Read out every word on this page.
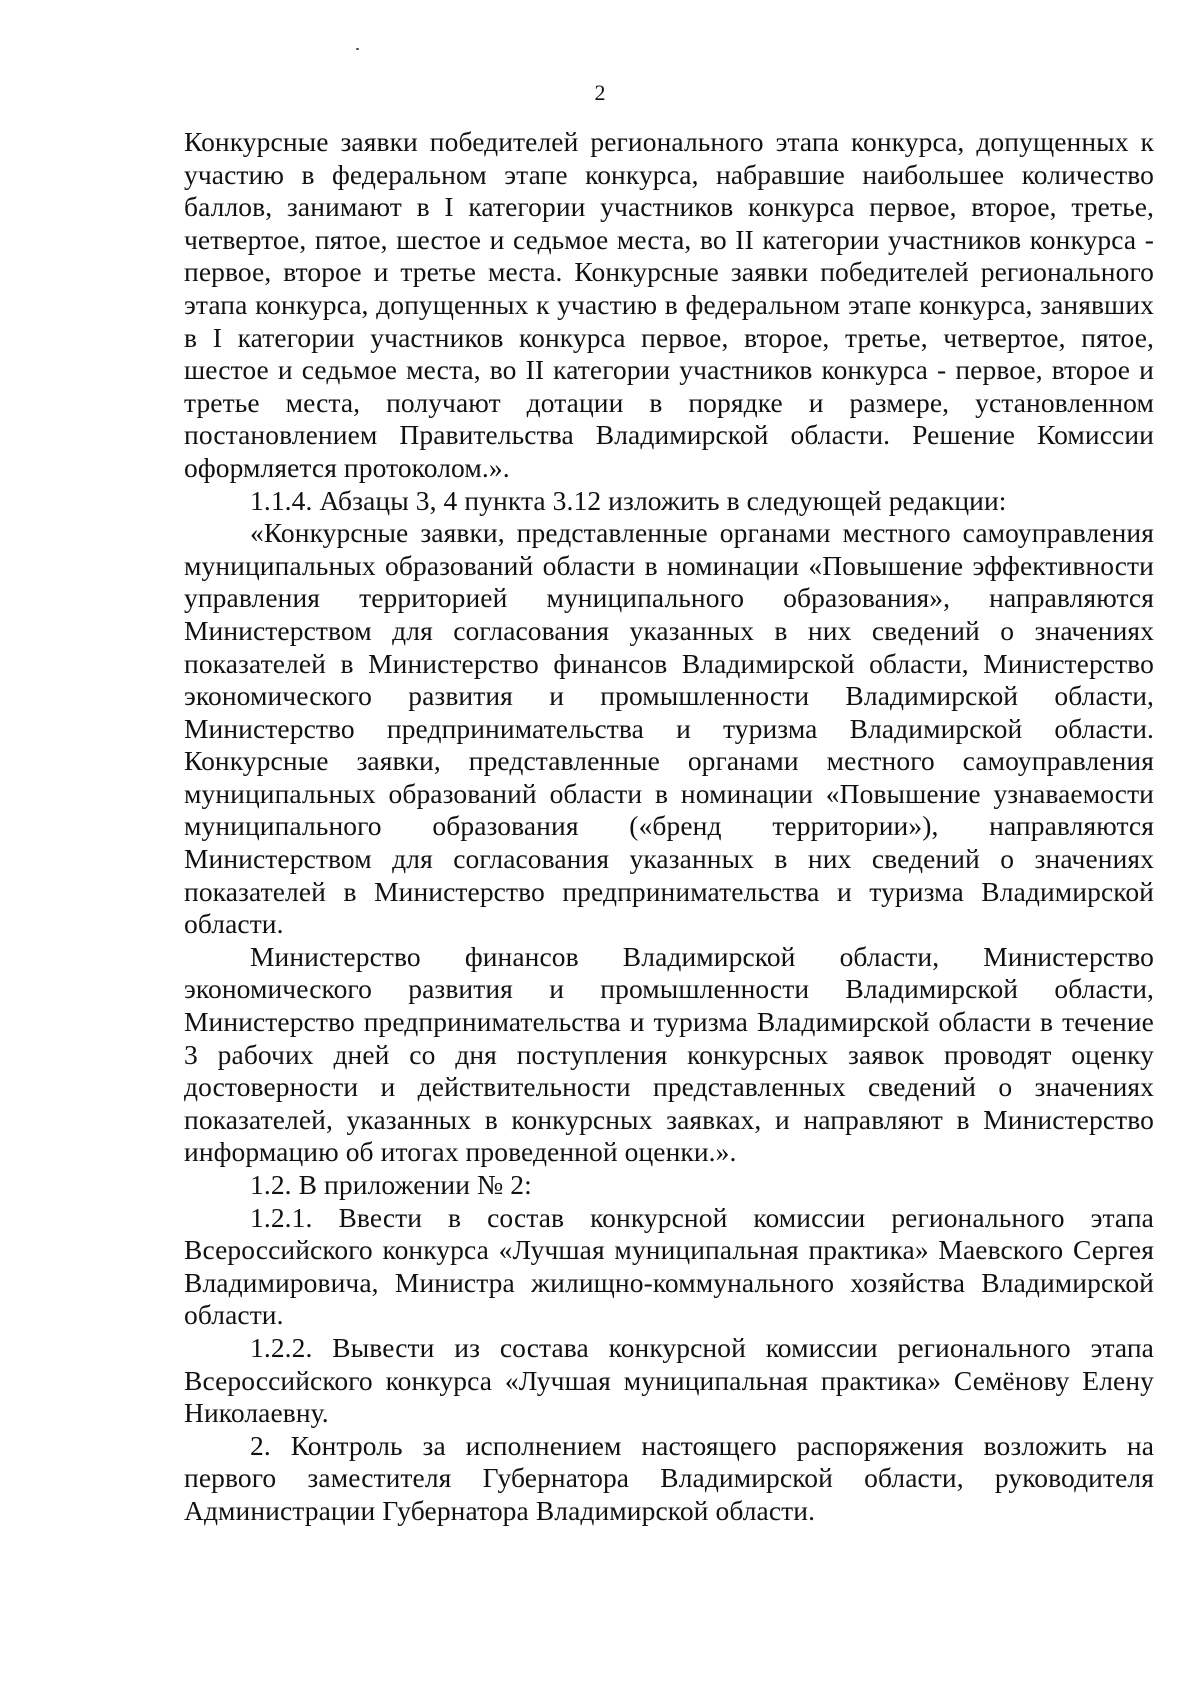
2

Конкурсные заявки победителей регионального этапа конкурса, допущенных к участию в федеральном этапе конкурса, набравшие наибольшее количество баллов, занимают в I категории участников конкурса первое, второе, третье, четвертое, пятое, шестое и седьмое места, во II категории участников конкурса - первое, второе и третье места. Конкурсные заявки победителей регионального этапа конкурса, допущенных к участию в федеральном этапе конкурса, занявших в I категории участников конкурса первое, второе, третье, четвертое, пятое, шестое и седьмое места, во II категории участников конкурса - первое, второе и третье места, получают дотации в порядке и размере, установленном постановлением Правительства Владимирской области. Решение Комиссии оформляется протоколом.».

1.1.4. Абзацы 3, 4 пункта 3.12 изложить в следующей редакции:

«Конкурсные заявки, представленные органами местного самоуправления муниципальных образований области в номинации «Повышение эффективности управления территорией муниципального образования», направляются Министерством для согласования указанных в них сведений о значениях показателей в Министерство финансов Владимирской области, Министерство экономического развития и промышленности Владимирской области, Министерство предпринимательства и туризма Владимирской области. Конкурсные заявки, представленные органами местного самоуправления муниципальных образований области в номинации «Повышение узнаваемости муниципального образования («бренд территории»), направляются Министерством для согласования указанных в них сведений о значениях показателей в Министерство предпринимательства и туризма Владимирской области.

Министерство финансов Владимирской области, Министерство экономического развития и промышленности Владимирской области, Министерство предпринимательства и туризма Владимирской области в течение 3 рабочих дней со дня поступления конкурсных заявок проводят оценку достоверности и действительности представленных сведений о значениях показателей, указанных в конкурсных заявках, и направляют в Министерство информацию об итогах проведенной оценки.».

1.2. В приложении № 2:

1.2.1. Ввести в состав конкурсной комиссии регионального этапа Всероссийского конкурса «Лучшая муниципальная практика» Маевского Сергея Владимировича, Министра жилищно-коммунального хозяйства Владимирской области.

1.2.2. Вывести из состава конкурсной комиссии регионального этапа Всероссийского конкурса «Лучшая муниципальная практика» Семёнову Елену Николаевну.

2. Контроль за исполнением настоящего распоряжения возложить на первого заместителя Губернатора Владимирской области, руководителя Администрации Губернатора Владимирской области.
